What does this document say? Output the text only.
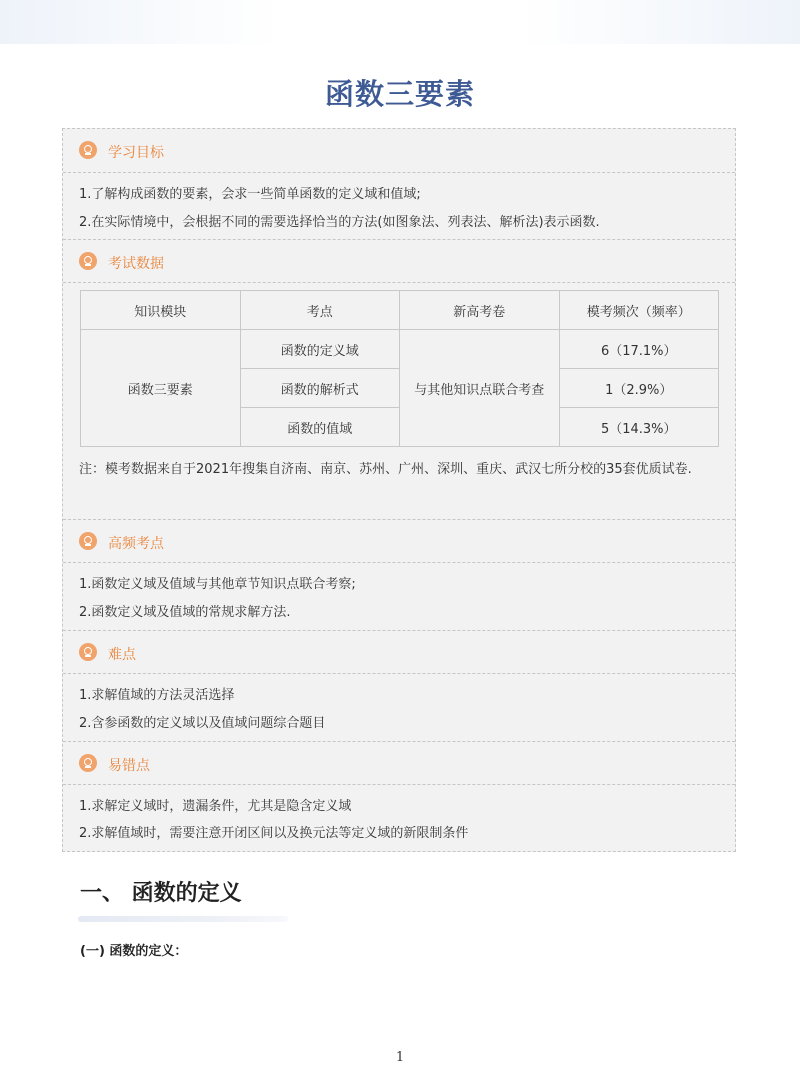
函数三要素
学习目标
1.了解构成函数的要素，会求一些简单函数的定义域和值域;
2.在实际情境中，会根据不同的需要选择恰当的方法(如图象法、列表法、解析法)表示函数.
考试数据
知识模块	考点	新高考卷	模考频次（频率）
函数三要素	函数的定义域	与其他知识点联合考查	6（17.1%）
	函数的解析式		1（2.9%）
	函数的值域		5（14.3%）
注：模考数据来自于2021年搜集自济南、南京、苏州、广州、深圳、重庆、武汉七所分校的35套优质试卷.
高频考点
1.函数定义域及值域与其他章节知识点联合考察;
2.函数定义域及值域的常规求解方法.
难点
1.求解值域的方法灵活选择
2.含参函数的定义域以及值域问题综合题目
易错点
1.求解定义域时，遗漏条件，尤其是隐含定义域
2.求解值域时，需要注意开闭区间以及换元法等定义域的新限制条件
一、 函数的定义
(一) 函数的定义：
1
